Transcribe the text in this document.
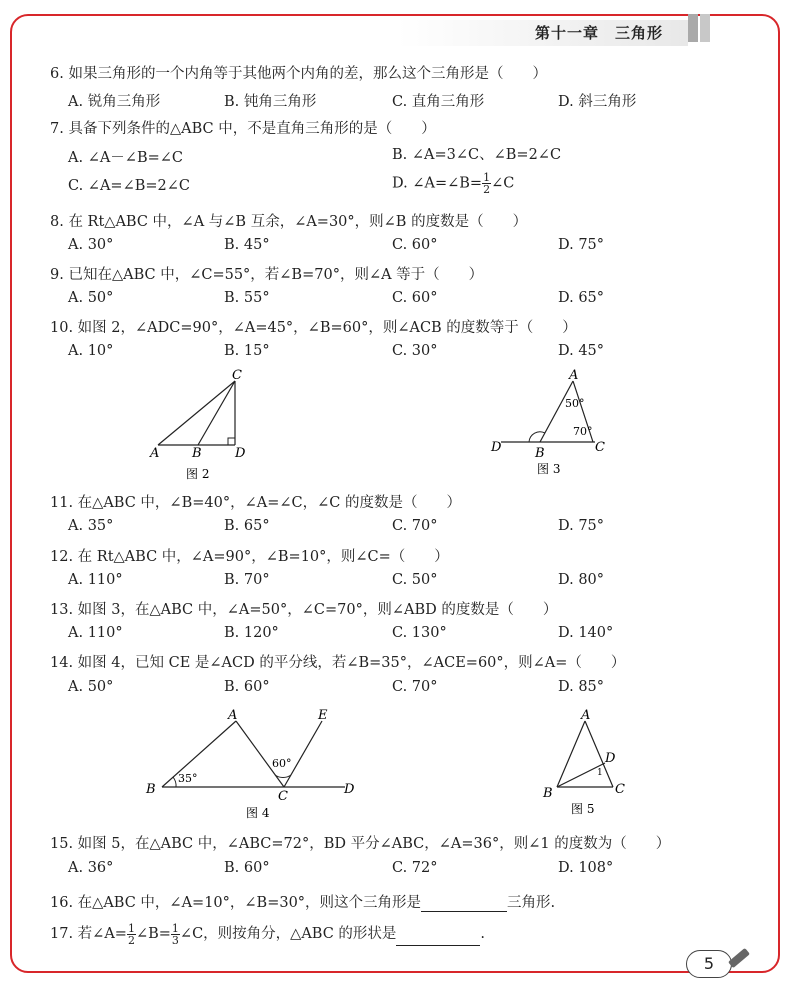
第十一章　三角形
6. 如果三角形的一个内角等于其他两个内角的差，那么这个三角形是（　　）
A. 锐角三角形	B. 钝角三角形	C. 直角三角形	D. 斜三角形
7. 具备下列条件的△ABC 中，不是直角三角形的是（　　）
A. ∠A－∠B=∠C	B. ∠A=3∠C、∠B=2∠C
C. ∠A=∠B=2∠C	D. ∠A=∠B= $\frac{1}{2}$ ∠C
8. 在 Rt△ABC 中，∠A 与∠B 互余，∠A=30°，则∠B 的度数是（　　）
A. 30°	B. 45°	C. 60°	D. 75°
9. 已知在△ABC 中，∠C=55°，若∠B=70°，则∠A 等于（　　）
A. 50°	B. 55°	C. 60°	D. 65°
10. 如图 2，∠ADC=90°，∠A=45°，∠B=60°，则∠ACB 的度数等于（　　）
A. 10°	B. 15°	C. 30°	D. 45°
C
A	B	D
图 2
A
D	B	C
50°
70°
图 3
11. 在△ABC 中，∠B=40°，∠A=∠C，∠C 的度数是（　　）
A. 35°	B. 65°	C. 70°	D. 75°
12. 在 Rt△ABC 中，∠A=90°，∠B=10°，则∠C=（　　）
A. 110°	B. 70°	C. 50°	D. 80°
13. 如图 3，在△ABC 中，∠A=50°，∠C=70°，则∠ABD 的度数是（　　）
A. 110°	B. 120°	C. 130°	D. 140°
14. 如图 4，已知 CE 是∠ACD 的平分线，若∠B=35°，∠ACE=60°，则∠A=（　　）
A. 50°	B. 60°	C. 70°	D. 85°
A	E
B	C	D
35°
60°
图 4
A
D
B	C
1
图 5
15. 如图 5，在△ABC 中，∠ABC=72°，BD 平分∠ABC，∠A=36°，则∠1 的度数为（　　）
A. 36°	B. 60°	C. 72°	D. 108°
16. 在△ABC 中，∠A=10°，∠B=30°，则这个三角形是	三角形.
17. 若∠A= $\frac{1}{2}$ ∠B= $\frac{1}{3}$ ∠C，则按角分，△ABC 的形状是	.
5
